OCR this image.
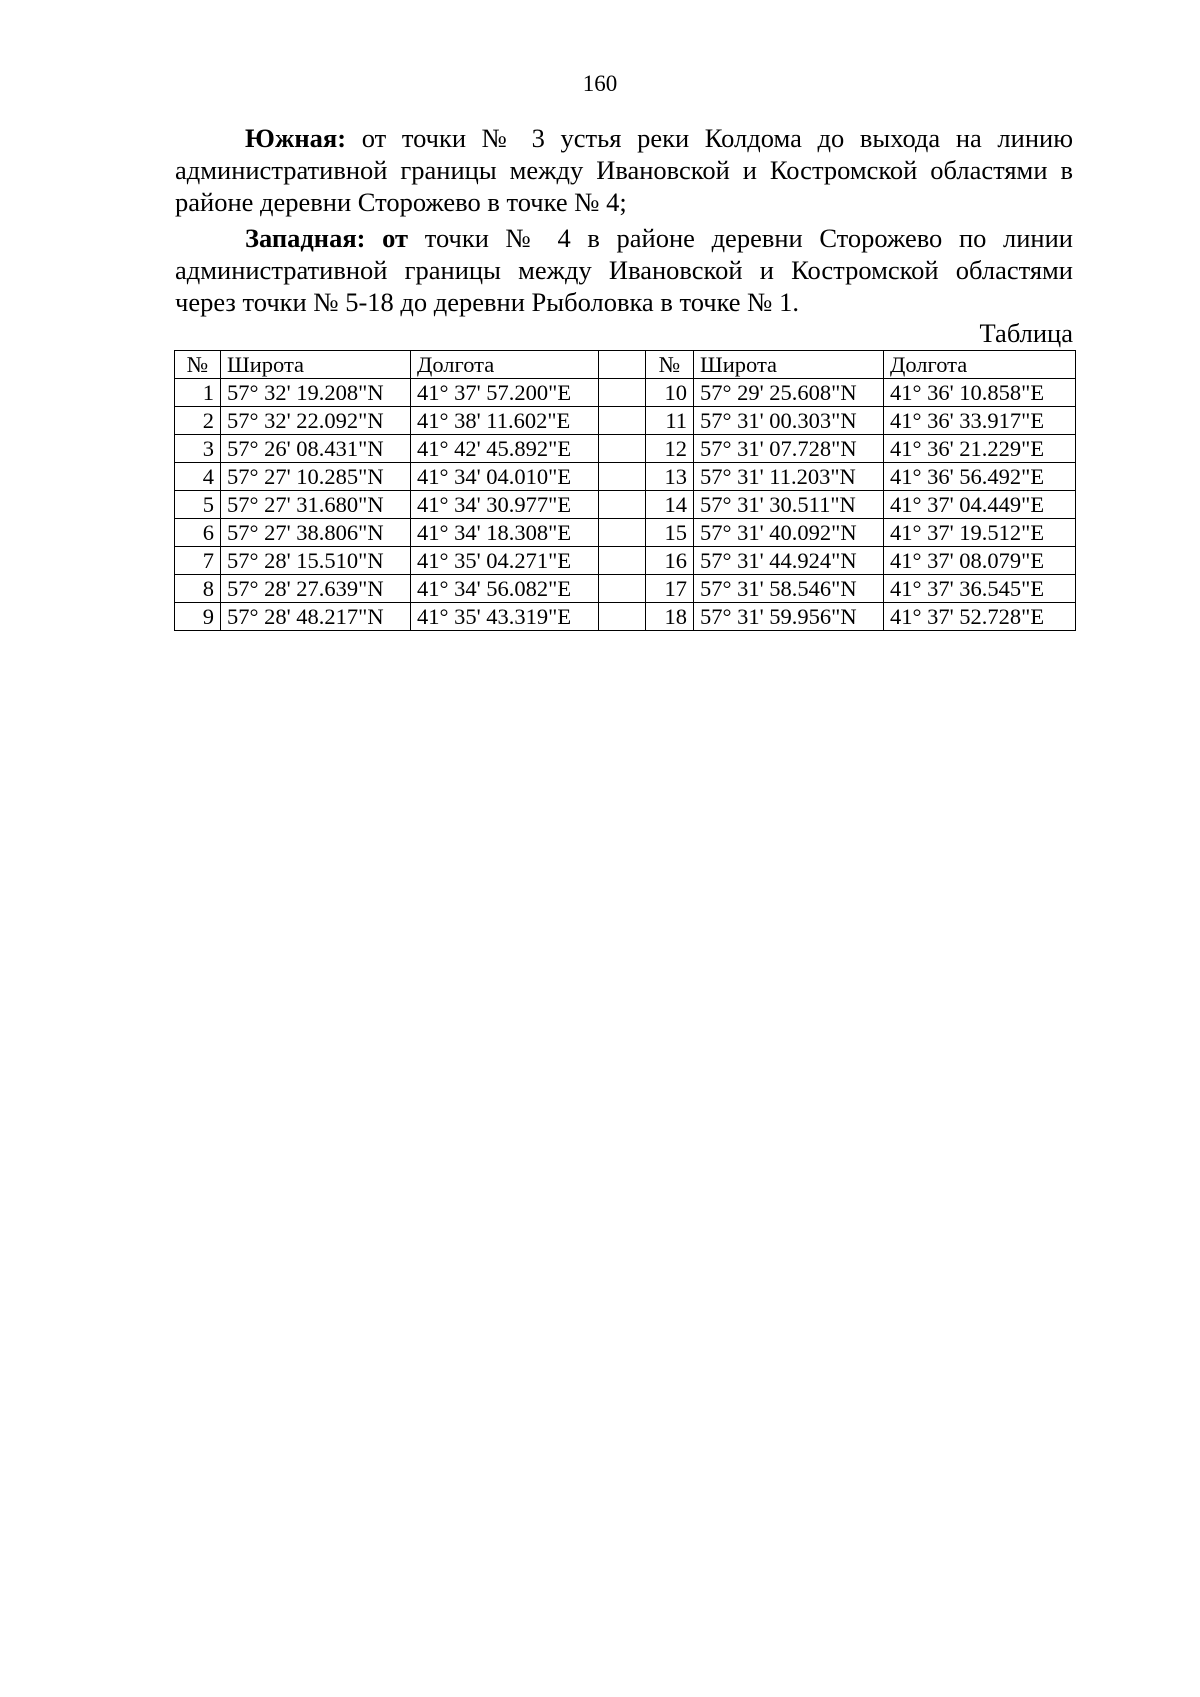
160

Южная: от точки № 3 устья реки Колдома до выхода на линию административной границы между Ивановской и Костромской областями в районе деревни Сторожево в точке № 4;

Западная: от точки № 4 в районе деревни Сторожево по линии административной границы между Ивановской и Костромской областями через точки № 5-18 до деревни Рыболовка в точке № 1.

Таблица
№	Широта	Долгота		№	Широта	Долгота
1	57° 32' 19.208"N	41° 37' 57.200"E		10	57° 29' 25.608"N	41° 36' 10.858"E
2	57° 32' 22.092"N	41° 38' 11.602"E		11	57° 31' 00.303"N	41° 36' 33.917"E
3	57° 26' 08.431"N	41° 42' 45.892"E		12	57° 31' 07.728"N	41° 36' 21.229"E
4	57° 27' 10.285"N	41° 34' 04.010"E		13	57° 31' 11.203"N	41° 36' 56.492"E
5	57° 27' 31.680"N	41° 34' 30.977"E		14	57° 31' 30.511"N	41° 37' 04.449"E
6	57° 27' 38.806"N	41° 34' 18.308"E		15	57° 31' 40.092"N	41° 37' 19.512"E
7	57° 28' 15.510"N	41° 35' 04.271"E		16	57° 31' 44.924"N	41° 37' 08.079"E
8	57° 28' 27.639"N	41° 34' 56.082"E		17	57° 31' 58.546"N	41° 37' 36.545"E
9	57° 28' 48.217"N	41° 35' 43.319"E		18	57° 31' 59.956"N	41° 37' 52.728"E
